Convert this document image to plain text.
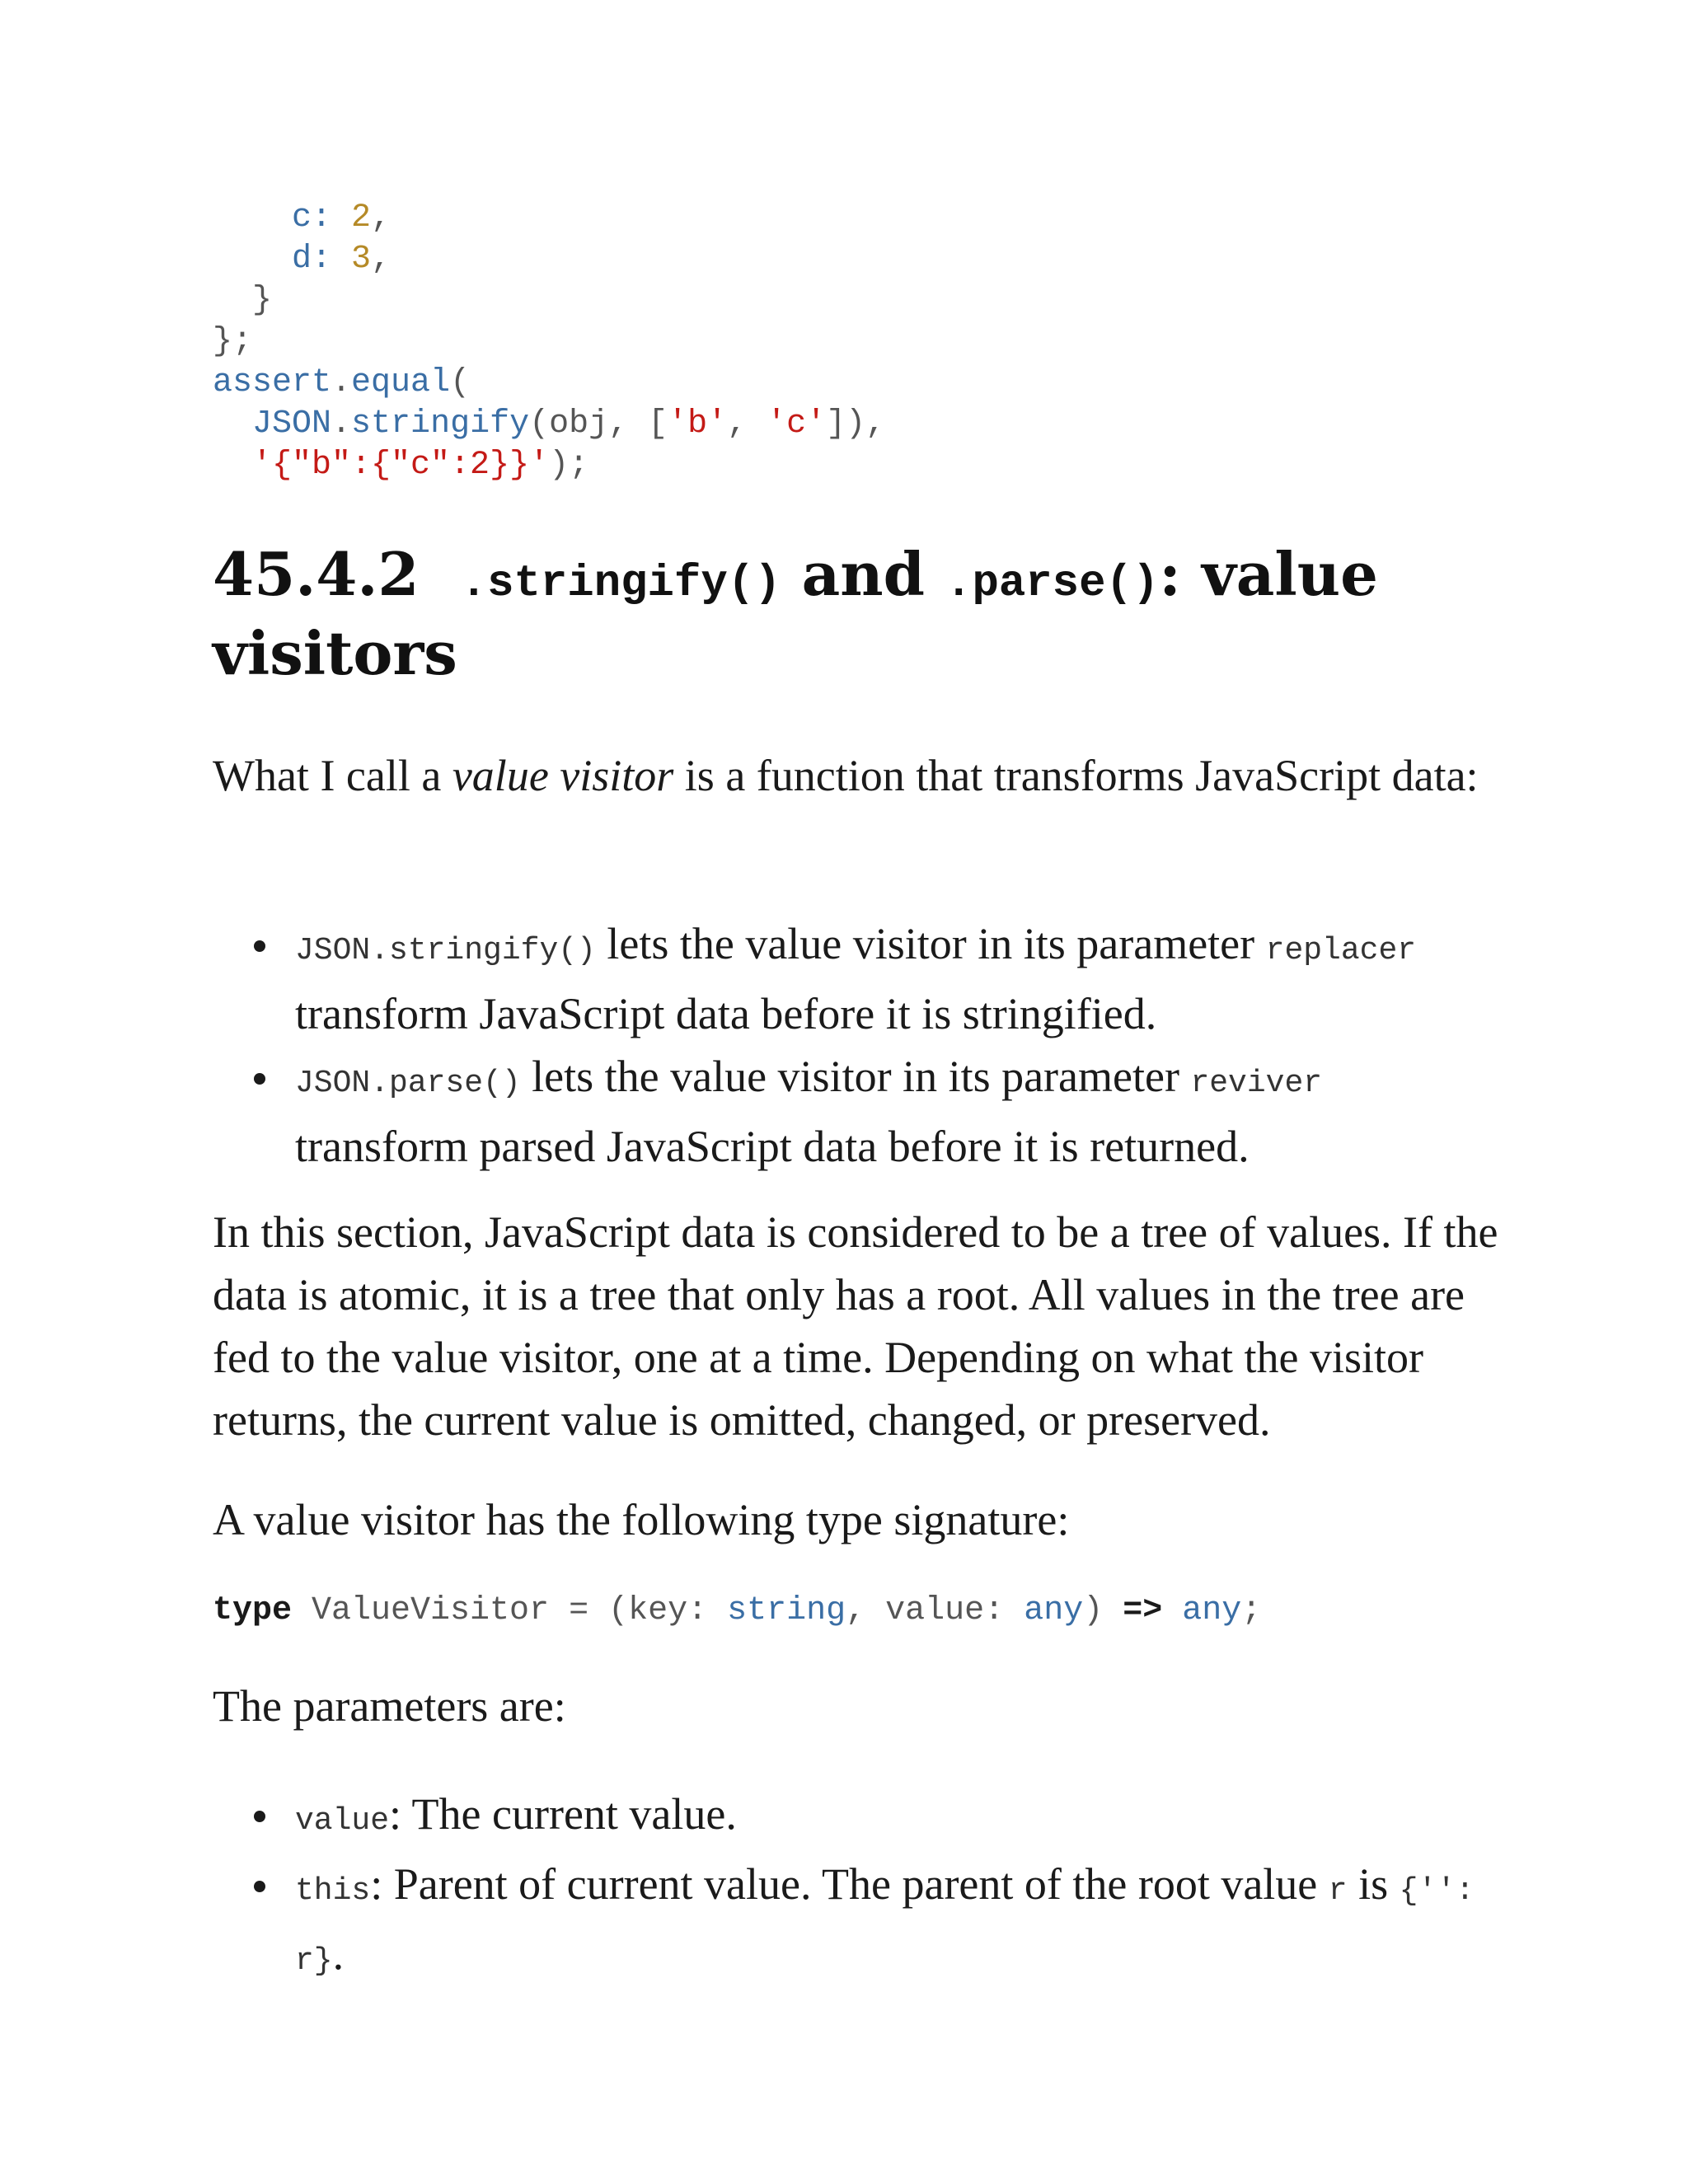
c: 2,
d: 3,
}
};
assert.equal(
JSON.stringify(obj, ['b', 'c']),
'{"b":{"c":2}}');
45.4.2 .stringify() and .parse(): value visitors

What I call a value visitor is a function that transforms JavaScript data:

JSON.stringify() lets the value visitor in its parameter replacer transform JavaScript data before it is stringified.
JSON.parse() lets the value visitor in its parameter reviver transform parsed JavaScript data before it is returned.

In this section, JavaScript data is considered to be a tree of values. If the data is atomic, it is a tree that only has a root. All values in the tree are fed to the value visitor, one at a time. Depending on what the visitor returns, the current value is omitted, changed, or preserved.

A value visitor has the following type signature:

type ValueVisitor = (key: string, value: any) => any;

The parameters are:

value: The current value.
this: Parent of current value. The parent of the root value r is {'': r}.
